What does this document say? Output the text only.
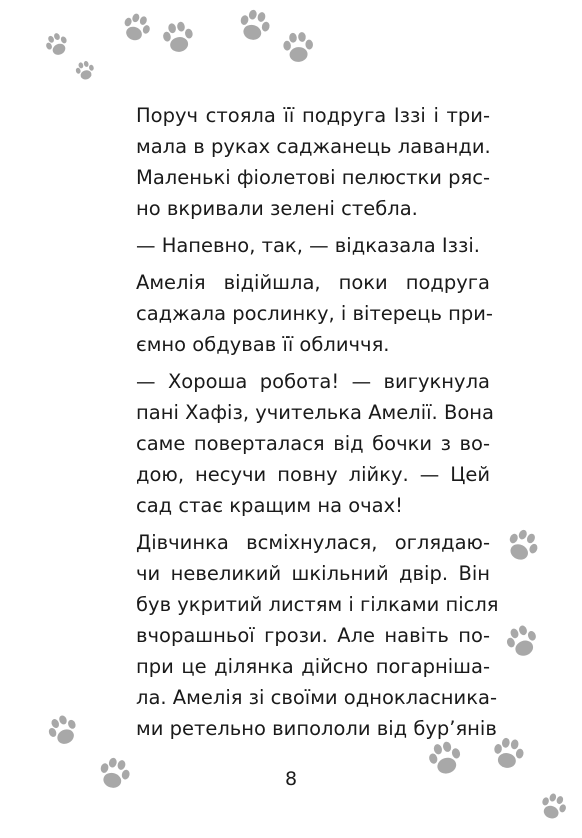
Поруч стояла її подруга Іззі і три-
мала в руках саджанець лаванди.
Маленькі фіолетові пелюстки ряс-
но вкривали зелені стебла.

— Напевно, так, — відказала Іззі.

Амелія відійшла, поки подруга
саджала рослинку, і вітерець при-
ємно обдував її обличчя.

— Хороша робота! — вигукнула
пані Хафіз, учителька Амелії. Вона
саме поверталася від бочки з во-
дою, несучи повну лійку. — Цей
сад стає кращим на очах!

Дівчинка всміхнулася, оглядаю-
чи невеликий шкільний двір. Він
був укритий листям і гілками після
вчорашньої грози. Але навіть по-
при це ділянка дійсно погарнішa-
ла. Амелія зі своїми однокласника-
ми ретельно випололи від бур’янів

8
